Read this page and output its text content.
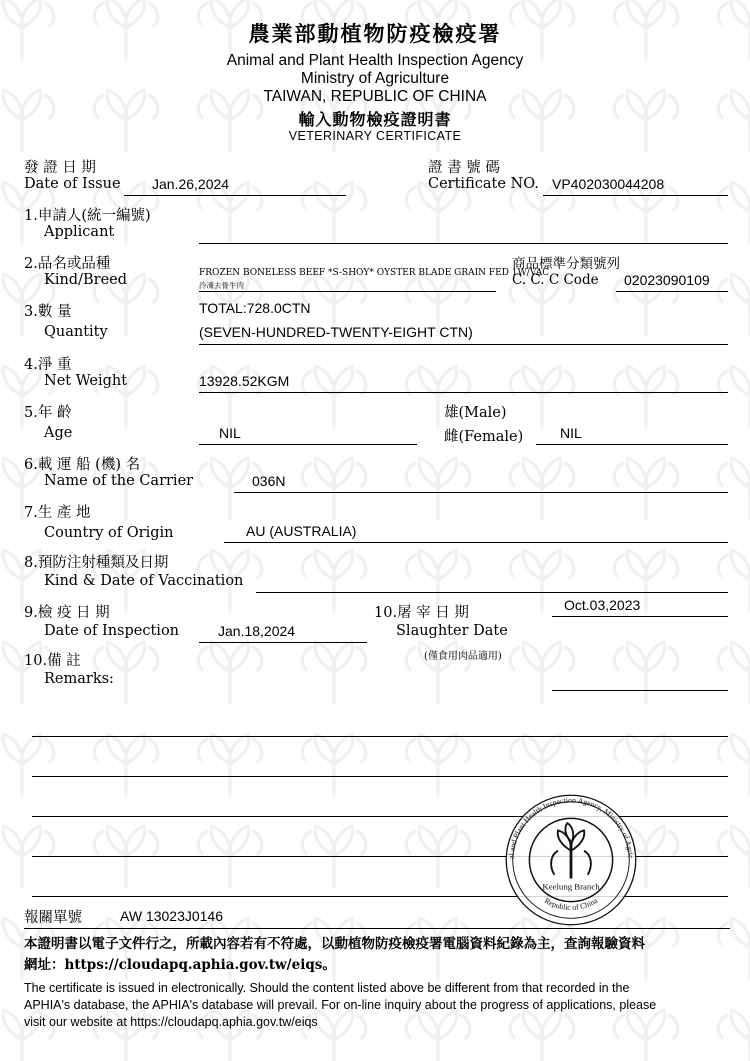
農業部動植物防疫檢疫署
Animal and Plant Health Inspection Agency
Ministry of Agriculture
TAIWAN, REPUBLIC OF CHINA
輸入動物檢疫證明書
VETERINARY CERTIFICATE
發 證 日 期
Date of Issue Jan.26,2024
證 書 號 碼
Certificate NO. VP402030044208
1.申請人(統一編號)
Applicant
2.品名或品種
Kind/Breed	FROZEN BONELESS BEEF *S-SHOY* OYSTER BLADE GRAIN FED 1W/VAC
冷凍去骨牛肉
商品標準分類號列
C. C. C Code 02023090109
3.數 量
Quantity
TOTAL:728.0CTN
(SEVEN-HUNDRED-TWENTY-EIGHT CTN)
4.淨 重
Net Weight	13928.52KGM
5.年 齡
Age	NIL
雄(Male)
雌(Female)	NIL
6.載 運 船 (機) 名
Name of the Carrier	036N
7.生 產 地
Country of Origin	AU (AUSTRALIA)
8.預防注射種類及日期
Kind & Date of Vaccination
9.檢 疫 日 期
Date of Inspection	Jan.18,2024
10.屠 宰 日 期
Slaughter Date
Oct.03,2023
(僅食用肉品適用)
10.備 註
Remarks:
al and Plant Health Inspection Agency, Ministry of Agric
Republic of China
Keelung Branch
報關單號	AW 13023J0146
本證明書以電子文件行之，所載內容若有不符處，以動植物防疫檢疫署電腦資料紀錄為主，查詢報驗資料
網址：https://cloudapq.aphia.gov.tw/eiqs。
The certificate is issued in electronically. Should the content listed above be different from that recorded in the
APHIA's database, the APHIA's database will prevail. For on-line inquiry about the progress of applications, please
visit our website at https://cloudapq.aphia.gov.tw/eiqs
